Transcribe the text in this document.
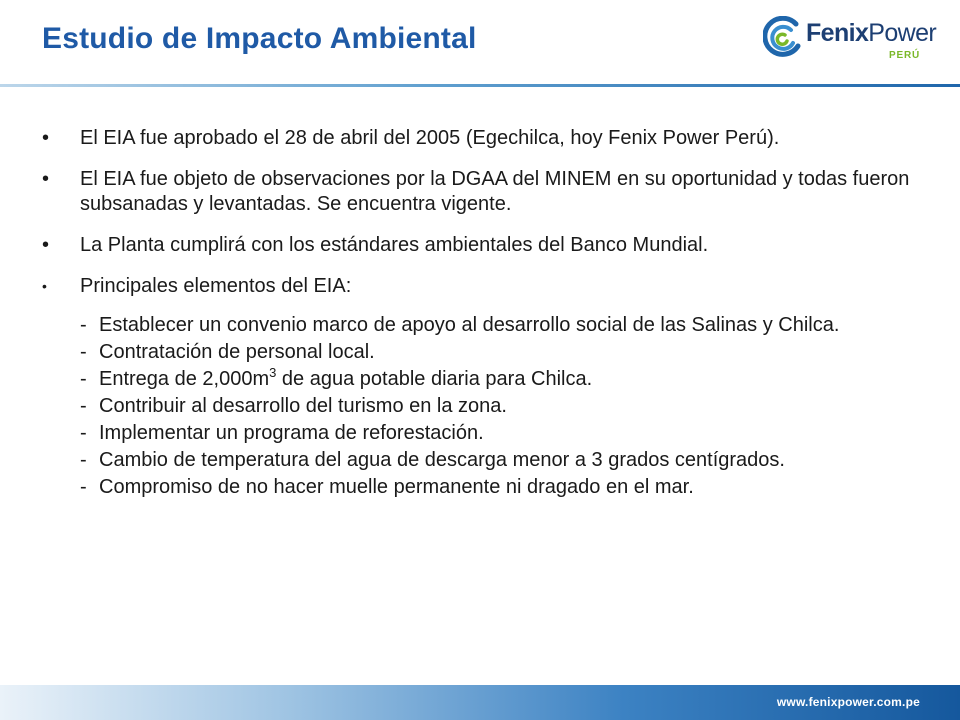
Estudio de Impacto Ambiental	FenixPower
PERÚ
•	El EIA fue aprobado el 28 de abril del 2005 (Egechilca, hoy Fenix Power Perú).
•	El EIA fue objeto de observaciones por la DGAA del MINEM en su oportunidad y todas fueron subsanadas y levantadas. Se encuentra vigente.
•	La Planta cumplirá con los estándares ambientales del Banco Mundial.
•	Principales elementos del EIA:
- Establecer un convenio marco de apoyo al desarrollo social de las Salinas y Chilca.
- Contratación de personal local.
- Entrega de $2,000m^3$ de agua potable diaria para Chilca.
- Contribuir al desarrollo del turismo en la zona.
- Implementar un programa de reforestación.
- Cambio de temperatura del agua de descarga menor a 3 grados centígrados.
- Compromiso de no hacer muelle permanente ni dragado en el mar.
www.fenixpower.com.pe
